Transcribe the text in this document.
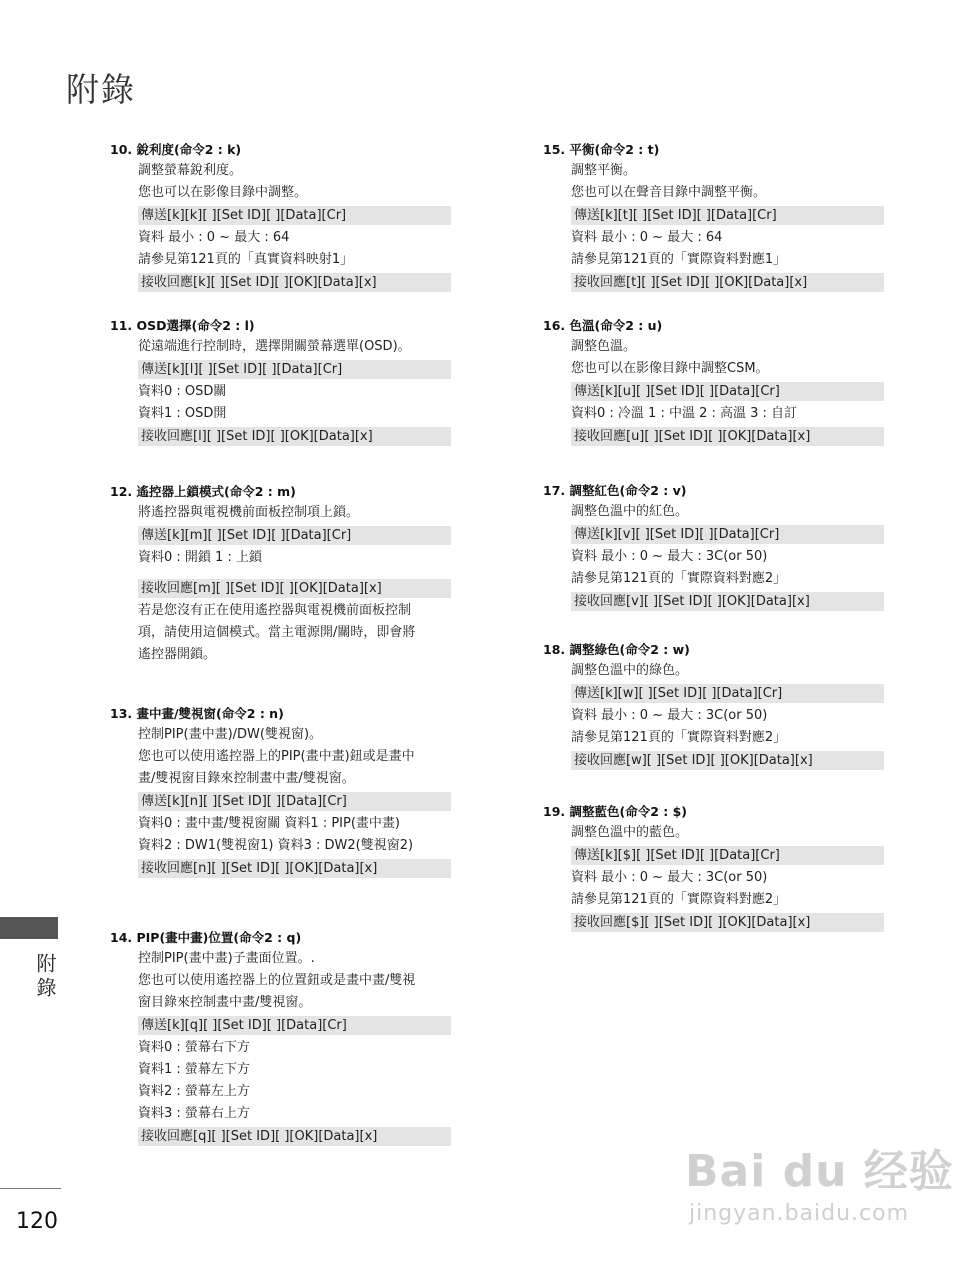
附錄
10. 銳利度(命令2 : k)
調整螢幕銳利度。
您也可以在影像目錄中調整。
傳送[k][k][ ][Set ID][ ][Data][Cr]
資料 最小 : 0 ~ 最大 : 64
請參見第121頁的「真實資料映射1」
接收回應[k][ ][Set ID][ ][OK][Data][x]
11. OSD選擇(命令2 : l)
從遠端進行控制時，選擇開關螢幕選單(OSD)。
傳送[k][l][ ][Set ID][ ][Data][Cr]
資料0 : OSD關
資料1 : OSD開
接收回應[l][ ][Set ID][ ][OK][Data][x]
12. 遙控器上鎖模式(命令2 : m)
將遙控器與電視機前面板控制項上鎖。
傳送[k][m][ ][Set ID][ ][Data][Cr]
資料0 : 開鎖 1 : 上鎖
接收回應[m][ ][Set ID][ ][OK][Data][x]
若是您沒有正在使用遙控器與電視機前面板控制
項，請使用這個模式。當主電源開/關時，即會將
遙控器開鎖。
13. 畫中畫/雙視窗(命令2 : n)
控制PIP(畫中畫)/DW(雙視窗)。
您也可以使用遙控器上的PIP(畫中畫)鈕或是畫中
畫/雙視窗目錄來控制畫中畫/雙視窗。
傳送[k][n][ ][Set ID][ ][Data][Cr]
資料0 : 畫中畫/雙視窗關 資料1 : PIP(畫中畫)
資料2 : DW1(雙視窗1) 資料3 : DW2(雙視窗2)
接收回應[n][ ][Set ID][ ][OK][Data][x]
14. PIP(畫中畫)位置(命令2 : q)
控制PIP(畫中畫)子畫面位置。.
您也可以使用遙控器上的位置鈕或是畫中畫/雙視
窗目錄來控制畫中畫/雙視窗。
傳送[k][q][ ][Set ID][ ][Data][Cr]
資料0 : 螢幕右下方
資料1 : 螢幕左下方
資料2 : 螢幕左上方
資料3 : 螢幕右上方
接收回應[q][ ][Set ID][ ][OK][Data][x]
15. 平衡(命令2 : t)
調整平衡。
您也可以在聲音目錄中調整平衡。
傳送[k][t][ ][Set ID][ ][Data][Cr]
資料 最小 : 0 ~ 最大 : 64
請參見第121頁的「實際資料對應1」
接收回應[t][ ][Set ID][ ][OK][Data][x]
16. 色溫(命令2 : u)
調整色溫。
您也可以在影像目錄中調整CSM。
傳送[k][u][ ][Set ID][ ][Data][Cr]
資料0 : 冷溫 1 : 中溫 2 : 高溫 3 : 自訂
接收回應[u][ ][Set ID][ ][OK][Data][x]
17. 調整紅色(命令2 : v)
調整色溫中的紅色。
傳送[k][v][ ][Set ID][ ][Data][Cr]
資料 最小 : 0 ~ 最大 : 3C(or 50)
請參見第121頁的「實際資料對應2」
接收回應[v][ ][Set ID][ ][OK][Data][x]
18. 調整綠色(命令2 : w)
調整色溫中的綠色。
傳送[k][w][ ][Set ID][ ][Data][Cr]
資料 最小 : 0 ~ 最大 : 3C(or 50)
請參見第121頁的「實際資料對應2」
接收回應[w][ ][Set ID][ ][OK][Data][x]
19. 調整藍色(命令2 : $)
調整色溫中的藍色。
傳送[k][$][ ][Set ID][ ][Data][Cr]
資料 最小 : 0 ~ 最大 : 3C(or 50)
請參見第121頁的「實際資料對應2」
接收回應[$][ ][Set ID][ ][OK][Data][x]
附錄
120
Bai du 经验
jingyan.baidu.com
